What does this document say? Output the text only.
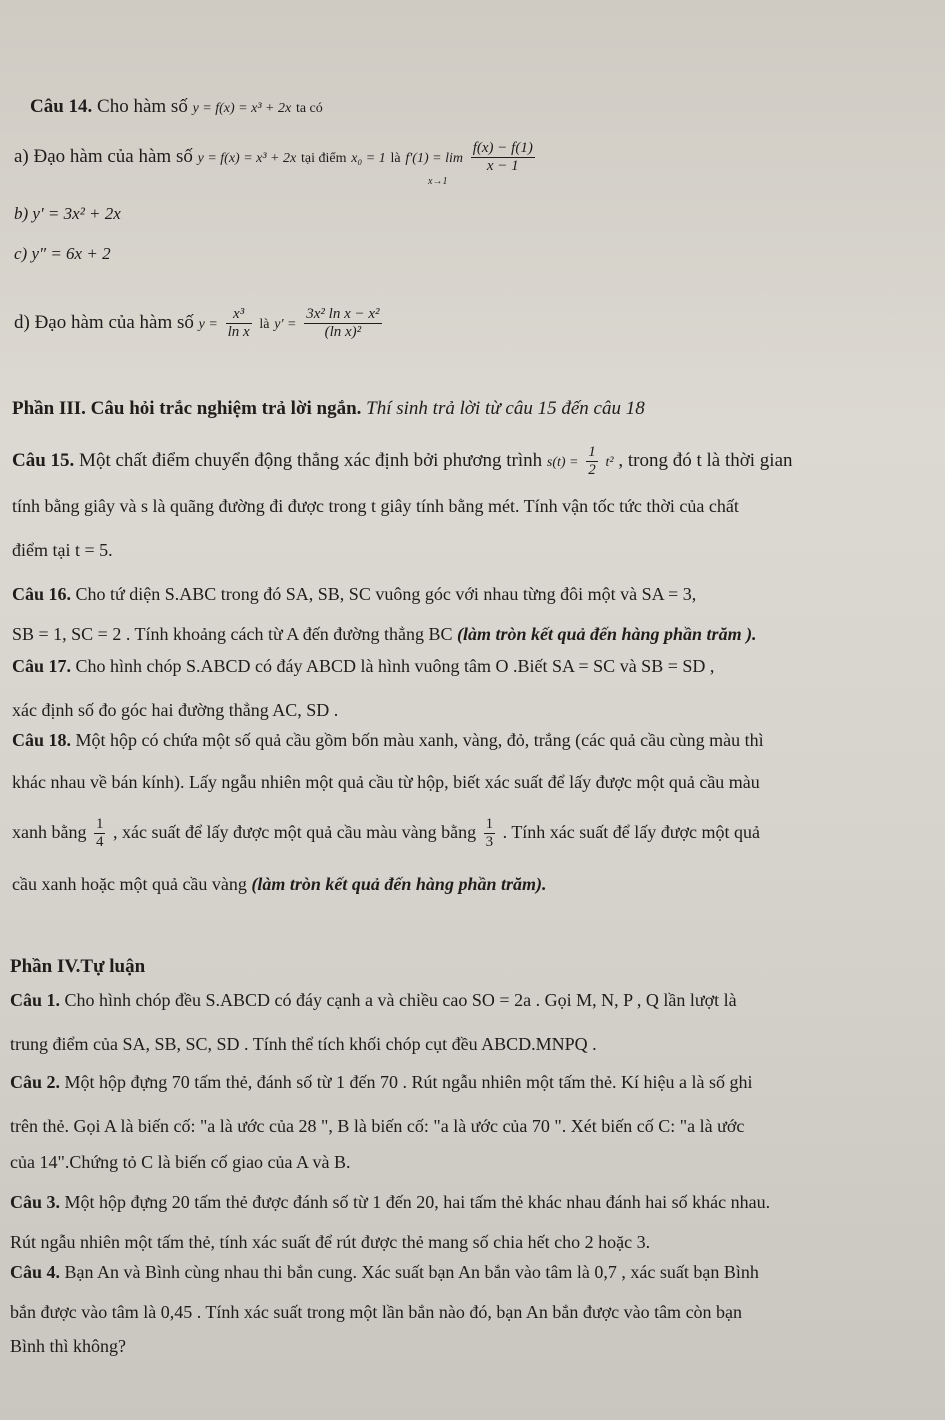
Câu 14. Cho hàm số y = f(x) = x³ + 2x ta có
a) Đạo hàm của hàm số y = f(x) = x³ + 2x tại điểm x₀ = 1 là $f'(1) = \lim \frac{f(x) - f(1)}{x - 1}$
x→1
b) y′ = 3x² + 2x
c) y″ = 6x + 2
d) Đạo hàm của hàm số $y = \frac{\text{x³}}{\text{ln x}}$ là $y' = \frac{\text{3x² ln x − x²}}{\text{(ln x)²}}$
Phần III. Câu hỏi trắc nghiệm trả lời ngắn. Thí sinh trả lời từ câu 15 đến câu 18
Câu 15. Một chất điểm chuyển động thẳng xác định bởi phương trình $s(t) = \frac{1}{2} t^2$ , trong đó t là thời gian
tính bằng giây và s là quãng đường đi được trong t giây tính bằng mét. Tính vận tốc tức thời của chất
điểm tại t = 5.
Câu 16. Cho tứ diện S.ABC trong đó SA, SB, SC vuông góc với nhau từng đôi một và SA = 3,
SB = 1, SC = 2 . Tính khoảng cách từ A đến đường thẳng BC (làm tròn kết quả đến hàng phần trăm ).
Câu 17. Cho hình chóp S.ABCD có đáy ABCD là hình vuông tâm O .Biết SA = SC và SB = SD ,
xác định số đo góc hai đường thẳng AC, SD .
Câu 18. Một hộp có chứa một số quả cầu gồm bốn màu xanh, vàng, đỏ, trắng (các quả cầu cùng màu thì
khác nhau về bán kính). Lấy ngẫu nhiên một quả cầu từ hộp, biết xác suất để lấy được một quả cầu màu
xanh bằng $\frac{1}{4}$ , xác suất để lấy được một quả cầu màu vàng bằng $\frac{1}{3}$ . Tính xác suất để lấy được một quả
cầu xanh hoặc một quả cầu vàng (làm tròn kết quả đến hàng phần trăm).
Phần IV.Tự luận
Câu 1. Cho hình chóp đều S.ABCD có đáy cạnh a và chiều cao SO = 2a . Gọi M, N, P , Q lần lượt là
trung điểm của SA, SB, SC, SD . Tính thể tích khối chóp cụt đều ABCD.MNPQ .
Câu 2. Một hộp đựng 70 tấm thẻ, đánh số từ 1 đến 70 . Rút ngẫu nhiên một tấm thẻ. Kí hiệu a là số ghi
trên thẻ. Gọi A là biến cố: "a là ước của 28 ", B là biến cố: "a là ước của 70 ". Xét biến cố C: "a là ước
của 14".Chứng tỏ C là biến cố giao của A và B.
Câu 3. Một hộp đựng 20 tấm thẻ được đánh số từ 1 đến 20, hai tấm thẻ khác nhau đánh hai số khác nhau.
Rút ngẫu nhiên một tấm thẻ, tính xác suất để rút được thẻ mang số chia hết cho 2 hoặc 3.
Câu 4. Bạn An và Bình cùng nhau thi bắn cung. Xác suất bạn An bắn vào tâm là 0,7 , xác suất bạn Bình
bắn được vào tâm là 0,45 . Tính xác suất trong một lần bắn nào đó, bạn An bắn được vào tâm còn bạn
Bình thì không?
